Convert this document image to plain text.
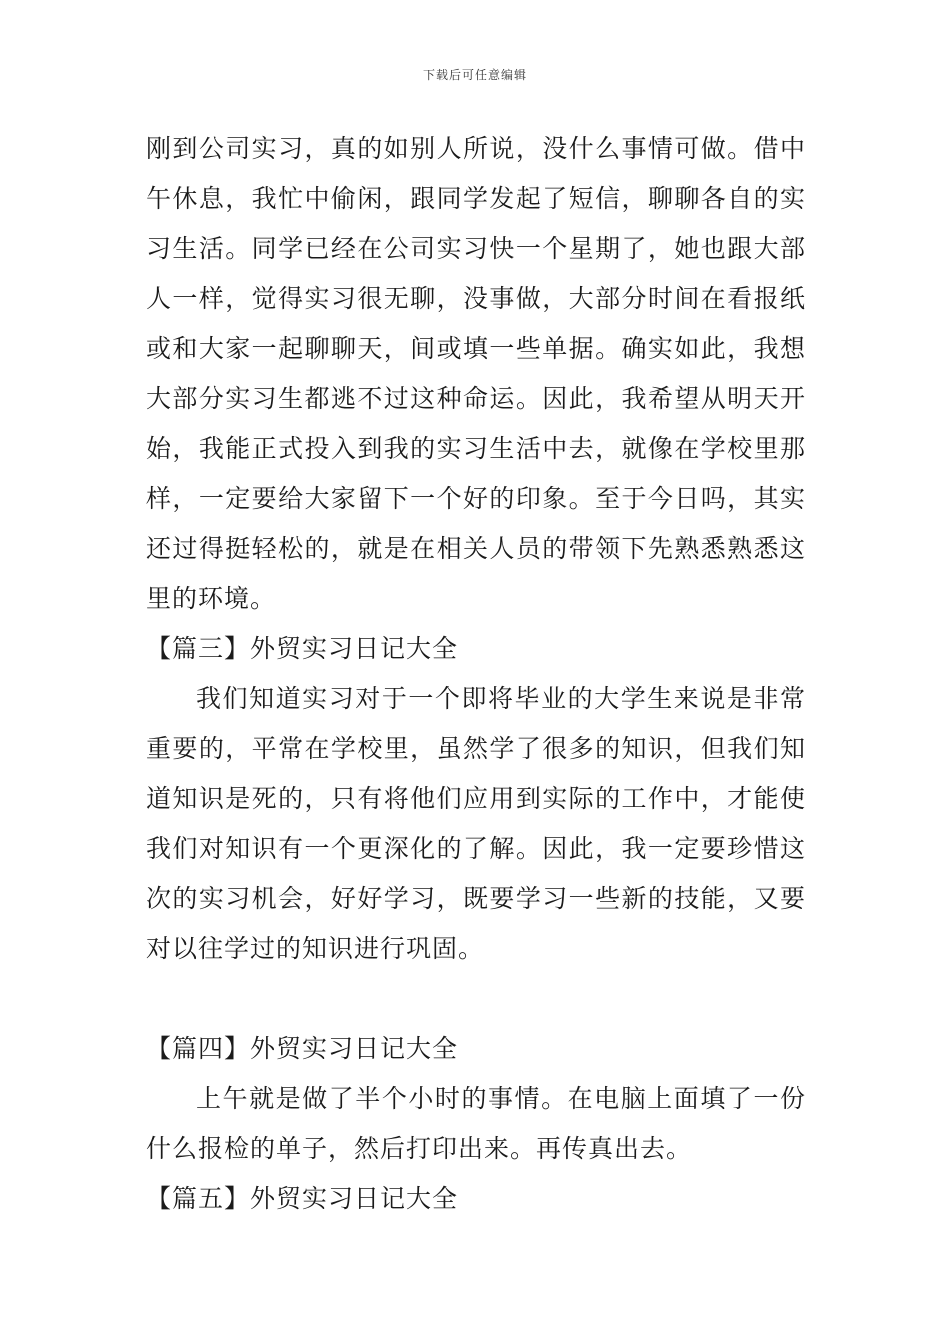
下载后可任意编辑

刚到公司实习，真的如别人所说，没什么事情可做。借中午休息，我忙中偷闲，跟同学发起了短信，聊聊各自的实习生活。同学已经在公司实习快一个星期了，她也跟大部人一样，觉得实习很无聊，没事做，大部分时间在看报纸或和大家一起聊聊天，间或填一些单据。确实如此，我想大部分实习生都逃不过这种命运。因此，我希望从明天开始，我能正式投入到我的实习生活中去，就像在学校里那样，一定要给大家留下一个好的印象。至于今日吗，其实还过得挺轻松的，就是在相关人员的带领下先熟悉熟悉这里的环境。

【篇三】外贸实习日记大全

我们知道实习对于一个即将毕业的大学生来说是非常重要的，平常在学校里，虽然学了很多的知识，但我们知道知识是死的，只有将他们应用到实际的工作中，才能使我们对知识有一个更深化的了解。因此，我一定要珍惜这次的实习机会，好好学习，既要学习一些新的技能，又要对以往学过的知识进行巩固。

【篇四】外贸实习日记大全

上午就是做了半个小时的事情。在电脑上面填了一份什么报检的单子，然后打印出来。再传真出去。

【篇五】外贸实习日记大全
